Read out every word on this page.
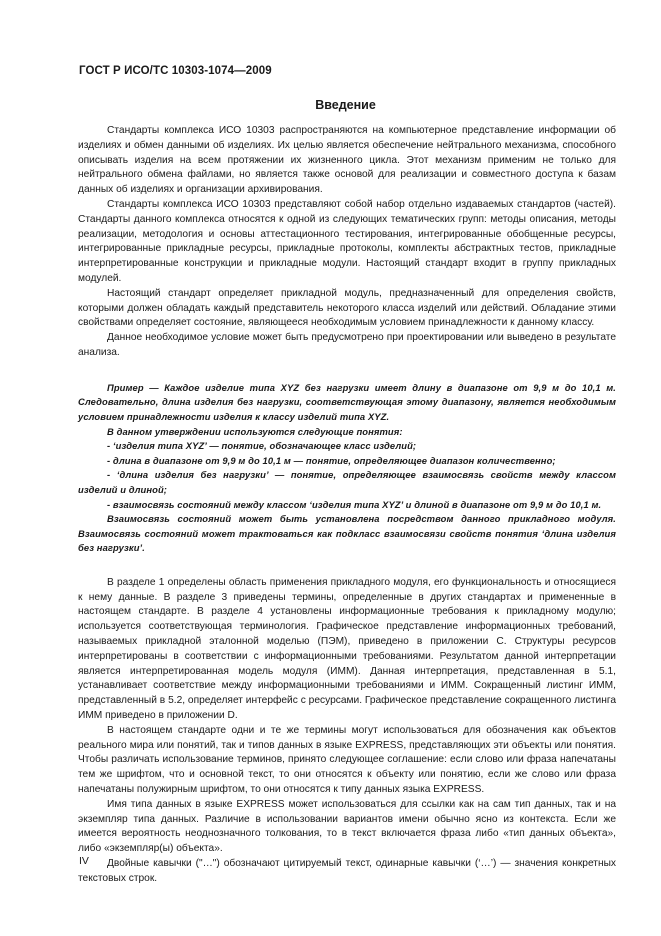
ГОСТ Р ИСО/ТС 10303-1074—2009
Введение

Стандарты комплекса ИСО 10303 распространяются на компьютерное представление информации об изделиях и обмен данными об изделиях. Их целью является обеспечение нейтрального механизма, способного описывать изделия на всем протяжении их жизненного цикла. Этот механизм применим не только для нейтрального обмена файлами, но является также основой для реализации и совместного доступа к базам данных об изделиях и организации архивирования.

Стандарты комплекса ИСО 10303 представляют собой набор отдельно издаваемых стандартов (частей). Стандарты данного комплекса относятся к одной из следующих тематических групп: методы описания, методы реализации, методология и основы аттестационного тестирования, интегрированные обобщенные ресурсы, интегрированные прикладные ресурсы, прикладные протоколы, комплекты абстрактных тестов, прикладные интерпретированные конструкции и прикладные модули. Настоящий стандарт входит в группу прикладных модулей.

Настоящий стандарт определяет прикладной модуль, предназначенный для определения свойств, которыми должен обладать каждый представитель некоторого класса изделий или действий. Обладание этими свойствами определяет состояние, являющееся необходимым условием принадлежности к данному классу.

Данное необходимое условие может быть предусмотрено при проектировании или выведено в результате анализа.

Пример — Каждое изделие типа XYZ без нагрузки имеет длину в диапазоне от 9,9 м до 10,1 м. Следовательно, длина изделия без нагрузки, соответствующая этому диапазону, является необходимым условием принадлежности изделия к классу изделий типа XYZ.

В данном утверждении используются следующие понятия:

- ‘изделия типа XYZ’ — понятие, обозначающее класс изделий;

- длина в диапазоне от 9,9 м до 10,1 м — понятие, определяющее диапазон количественно;

- ‘длина изделия без нагрузки’ — понятие, определяющее взаимосвязь свойств между классом изделий и длиной;

- взаимосвязь состояний между классом ‘изделия типа XYZ’ и длиной в диапазоне от 9,9 м до 10,1 м.

Взаимосвязь состояний может быть установлена посредством данного прикладного модуля. Взаимосвязь состояний может трактоваться как подкласс взаимосвязи свойств понятия ‘длина изделия без нагрузки’.

В разделе 1 определены область применения прикладного модуля, его функциональность и относящиеся к нему данные. В разделе 3 приведены термины, определенные в других стандартах и примененные в настоящем стандарте. В разделе 4 установлены информационные требования к прикладному модулю; используется соответствующая терминология. Графическое представление информационных требований, называемых прикладной эталонной моделью (ПЭМ), приведено в приложении С. Структуры ресурсов интерпретированы в соответствии с информационными требованиями. Результатом данной интерпретации является интерпретированная модель модуля (ИММ). Данная интерпретация, представленная в 5.1, устанавливает соответствие между информационными требованиями и ИММ. Сокращенный листинг ИММ, представленный в 5.2, определяет интерфейс с ресурсами. Графическое представление сокращенного листинга ИММ приведено в приложении D.

В настоящем стандарте одни и те же термины могут использоваться для обозначения как объектов реального мира или понятий, так и типов данных в языке EXPRESS, представляющих эти объекты или понятия. Чтобы различать использование терминов, принято следующее соглашение: если слово или фраза напечатаны тем же шрифтом, что и основной текст, то они относятся к объекту или понятию, если же слово или фраза напечатаны полужирным шрифтом, то они относятся к типу данных языка EXPRESS.

Имя типа данных в языке EXPRESS может использоваться для ссылки как на сам тип данных, так и на экземпляр типа данных. Различие в использовании вариантов имени обычно ясно из контекста. Если же имеется вероятность неоднозначного толкования, то в текст включается фраза либо «тип данных объекта», либо «экземпляр(ы) объекта».

Двойные кавычки ("…") обозначают цитируемый текст, одинарные кавычки (‘…’) — значения конкретных текстовых строк.

IV
